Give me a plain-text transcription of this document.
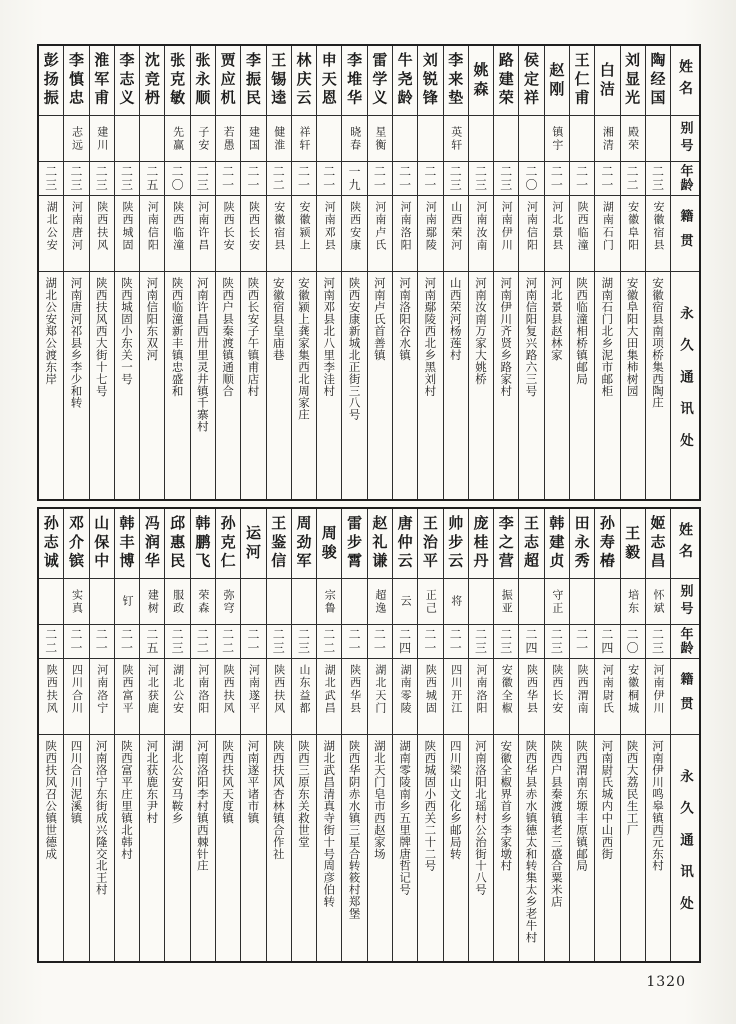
姓名
别号
年龄
籍贯
永久通讯处
陶经国
二三
安徽宿县
安徽宿县南项桥集西陶庄
刘显光
殿荣
二二
安徽阜阳
安徽阜阳大田集柿树园
白洁
湘清
二一
湖南石门
湖南石门北乡泥市邮柜
王仁甫
二一
陕西临潼
陕西临潼相桥镇邮局
赵刚
镇宇
二一
河北景县
河北景县赵林家
侯定祥
二〇
河南信阳
河南信阳复兴路六三号
路建荣
二三
河南伊川
河南伊川齐贤乡路家村
姚森
二三
河南汝南
河南汝南万家大姚桥
李来垫
英轩
二三
山西荣河
山西荣河杨莲村
刘锐锋
二一
河南鄢陵
河南鄢陵西北乡黑刘村
牛尧龄
二一
河南洛阳
河南洛阳谷水镇
雷学义
星衡
二一
河南卢氏
河南卢氏首善镇
李堆华
晓春
一九
陕西安康
陕西安康新城北正街三八号
申天恩
二一
河南邓县
河南邓县北八里李洼村
林庆云
祥轩
二一
安徽颍上
安徽颍上龚家集西北周家庄
王锡逵
健淮
二二
安徽宿县
安徽宿县皇庙巷
李振民
建国
二一
陕西长安
陕西长安子午镇甫店村
贾应机
若愚
二一
陕西长安
陕西户县秦渡镇通顺合
张永顺
子安
二三
河南许昌
河南许昌西卅里灵井镇千寨村
张克敏
先赢
二〇
陕西临潼
陕西临潼新丰镇忠盛和
沈竞枬
二五
河南信阳
河南信阳东双河
李志义
二三
陕西城固
陕西城固小东关一号
淮军甫
建川
二三
陕西扶风
陕西扶风西大街十七号
李慎忠
志远
二三
河南唐河
河南唐河祁县乡李少和转
彭扬振
二三
湖北公安
湖北公安郑公渡东岸
姓名
别号
年龄
籍贯
永久通讯处
姬志昌
怀斌
二三
河南伊川
河南伊川鸣皋镇西元东村
王毅
培东
二〇
安徽桐城
陕西大荔民生工厂
孙寿椿
二四
河南尉氏
河南尉氏城内中山西街
田永秀
二一
陕西渭南
陕西渭南东塬丰原镇邮局
韩建贞
守正
二三
陕西长安
陕西户县秦渡镇老三盛合粟米店
王志超
二四
陕西华县
陕西华县赤水镇德太和转集太乡老牛村
李之营
振亚
二三
安徽全椒
安徽全椒界首乡李家墩村
庞桂丹
二三
河南洛阳
河南洛阳北瑶村公治街十八号
帅步云
将
二一
四川开江
四川梁山文化乡邮局转
王治平
正己
二一
陕西城固
陕西城固小西关二十二号
唐仲云
云
二四
湖南零陵
湖南零陵南乡五里牌唐哲记号
赵礼谦
超逸
二一
湖北天门
湖北天门皂市西赵家场
雷步霄
二一
陕西华县
陕西华阴赤水镇三星合转筱村郑堡
周骏
宗鲁
二二
湖北武昌
湖北武昌清真寺街十号周彦伯转
周劲军
二三
山东益都
陕西三原东关救世堂
王鉴信
二三
陕西扶风
陕西扶风杏林镇合作社
运河
二一
河南遂平
河南遂平诸市镇
孙克仁
弥穹
二二
陕西扶风
陕西扶风天度镇
韩鹏飞
荣森
二二
河南洛阳
河南洛阳李村镇西棘针庄
邱惠民
服政
二三
湖北公安
湖北公安马鞍乡
冯润华
建树
二五
河北获鹿
河北获鹿东尹村
韩丰博
钉
二一
陕西富平
陕西富平庄里镇北韩村
山保中
二一
河南洛宁
河南洛宁东街成兴隆交北王村
邓介镔
实真
二一
四川合川
四川合川泥溪镇
孙志诚
二二
陕西扶风
陕西扶风召公镇世德成
1320
